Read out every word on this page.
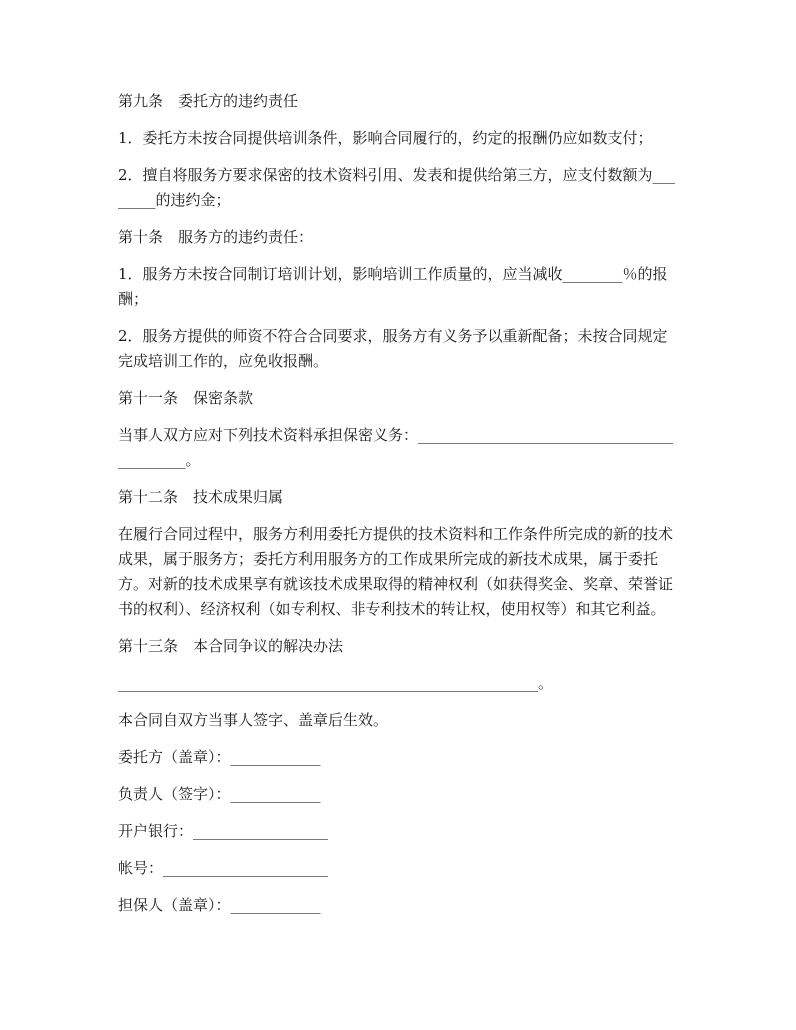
第九条　委托方的违约责任

1．委托方未按合同提供培训条件，影响合同履行的，约定的报酬仍应如数支付；

2．擅自将服务方要求保密的技术资料引用、发表和提供给第三方，应支付数额为________的违约金；

第十条　服务方的违约责任：

1．服务方未按合同制订培训计划，影响培训工作质量的，应当减收________％的报酬；

2．服务方提供的师资不符合合同要求，服务方有义务予以重新配备；未按合同规定完成培训工作的，应免收报酬。

第十一条　保密条款

当事人双方应对下列技术资料承担保密义务：___________________________________________。

第十二条　技术成果归属

在履行合同过程中，服务方利用委托方提供的技术资料和工作条件所完成的新的技术成果，属于服务方；委托方利用服务方的工作成果所完成的新技术成果，属于委托方。对新的技术成果享有就该技术成果取得的精神权利（如获得奖金、奖章、荣誉证书的权利）、经济权利（如专利权、非专利技术的转让权，使用权等）和其它利益。

第十三条　本合同争议的解决办法

________________________________________________________。

本合同自双方当事人签字、盖章后生效。

委托方（盖章）：____________

负责人（签字）：____________

开户银行：__________________

帐号：______________________

担保人（盖章）：____________
